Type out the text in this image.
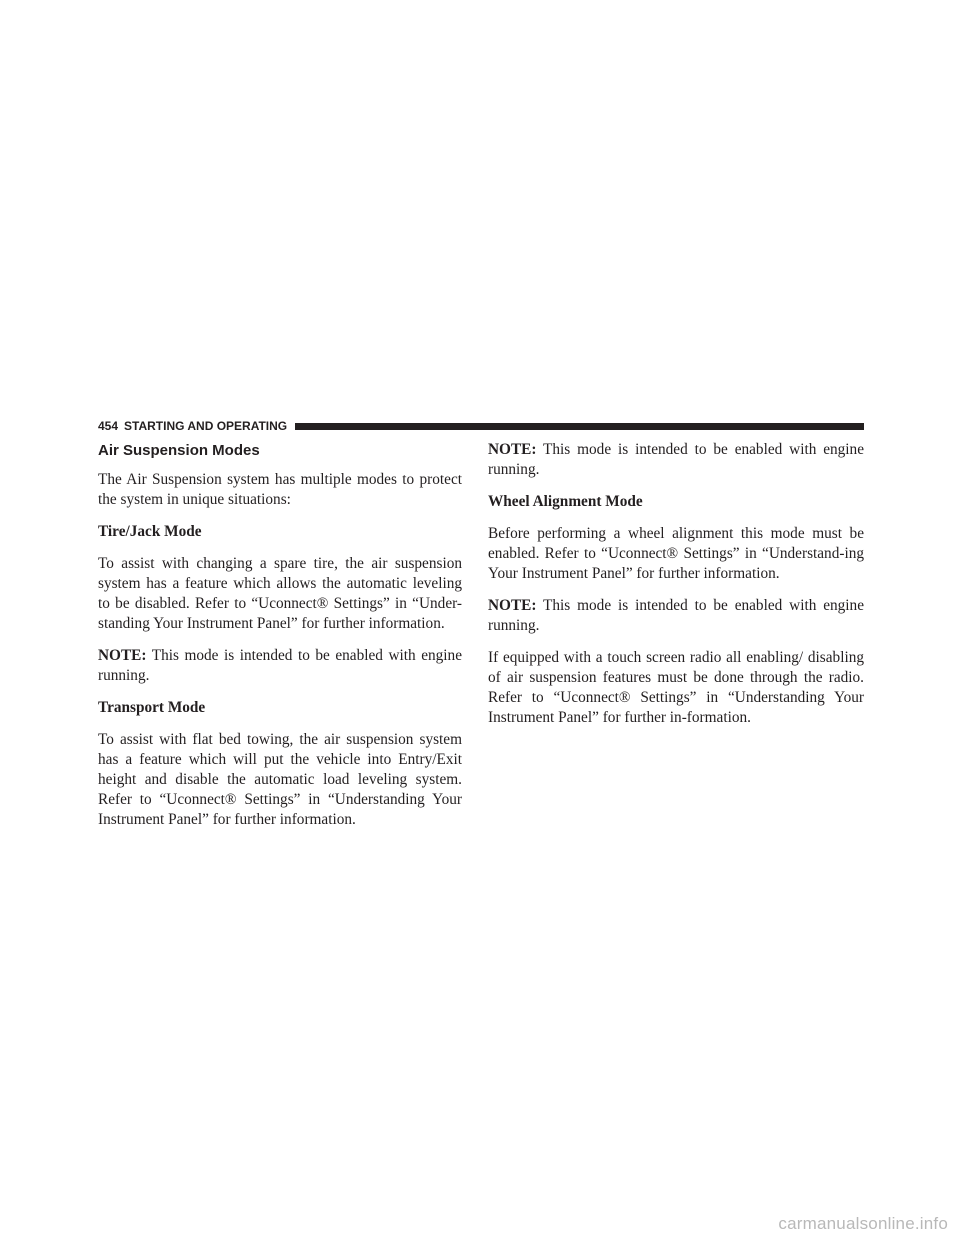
454 STARTING AND OPERATING
Air Suspension Modes

The Air Suspension system has multiple modes to protect the system in unique situations:

Tire/Jack Mode

To assist with changing a spare tire, the air suspension system has a feature which allows the automatic leveling to be disabled. Refer to “Uconnect® Settings” in “Under-standing Your Instrument Panel” for further information.

NOTE: This mode is intended to be enabled with engine running.

Transport Mode

To assist with flat bed towing, the air suspension system has a feature which will put the vehicle into Entry/Exit height and disable the automatic load leveling system. Refer to “Uconnect® Settings” in “Understanding Your Instrument Panel” for further information.

NOTE: This mode is intended to be enabled with engine running.

Wheel Alignment Mode

Before performing a wheel alignment this mode must be enabled. Refer to “Uconnect® Settings” in “Understand-ing Your Instrument Panel” for further information.

NOTE: This mode is intended to be enabled with engine running.

If equipped with a touch screen radio all enabling/ disabling of air suspension features must be done through the radio. Refer to “Uconnect® Settings” in “Understanding Your Instrument Panel” for further in-formation.

carmanualsonline.info
